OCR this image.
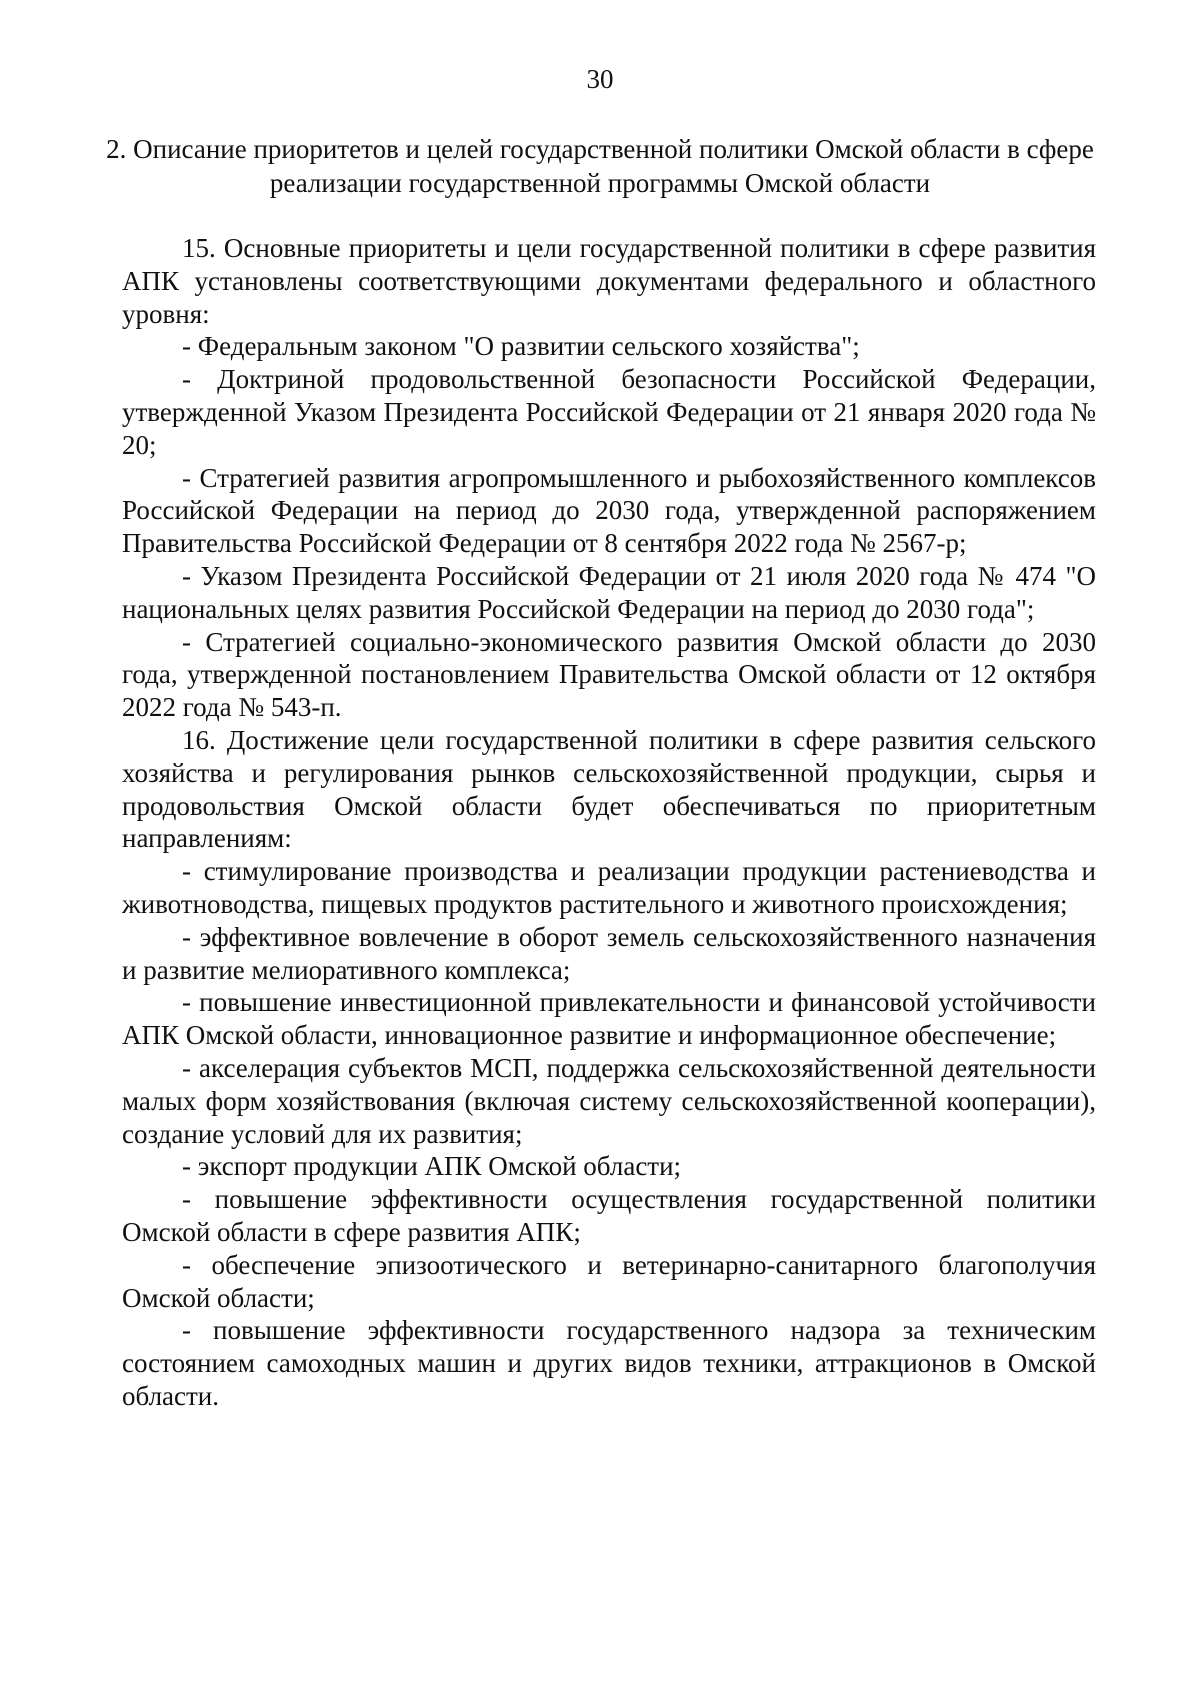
30
2. Описание приоритетов и целей государственной политики Омской области в сфере реализации государственной программы Омской области

15. Основные приоритеты и цели государственной политики в сфере развития АПК установлены соответствующими документами федерального и областного уровня:

- Федеральным законом "О развитии сельского хозяйства";

- Доктриной продовольственной безопасности Российской Федерации, утвержденной Указом Президента Российской Федерации от 21 января 2020 года № 20;

- Стратегией развития агропромышленного и рыбохозяйственного комплексов Российской Федерации на период до 2030 года, утвержденной распоряжением Правительства Российской Федерации от 8 сентября 2022 года № 2567-р;

- Указом Президента Российской Федерации от 21 июля 2020 года № 474 "О национальных целях развития Российской Федерации на период до 2030 года";

- Стратегией социально-экономического развития Омской области до 2030 года, утвержденной постановлением Правительства Омской области от 12 октября 2022 года № 543-п.

16. Достижение цели государственной политики в сфере развития сельского хозяйства и регулирования рынков сельскохозяйственной продукции, сырья и продовольствия Омской области будет обеспечиваться по приоритетным направлениям:

- стимулирование производства и реализации продукции растениеводства и животноводства, пищевых продуктов растительного и животного происхождения;

- эффективное вовлечение в оборот земель сельскохозяйственного назначения и развитие мелиоративного комплекса;

- повышение инвестиционной привлекательности и финансовой устойчивости АПК Омской области, инновационное развитие и информационное обеспечение;

- акселерация субъектов МСП, поддержка сельскохозяйственной деятельности малых форм хозяйствования (включая систему сельскохозяйственной кооперации), создание условий для их развития;

- экспорт продукции АПК Омской области;

- повышение эффективности осуществления государственной политики Омской области в сфере развития АПК;

- обеспечение эпизоотического и ветеринарно-санитарного благополучия Омской области;

- повышение эффективности государственного надзора за техническим состоянием самоходных машин и других видов техники, аттракционов в Омской области.
